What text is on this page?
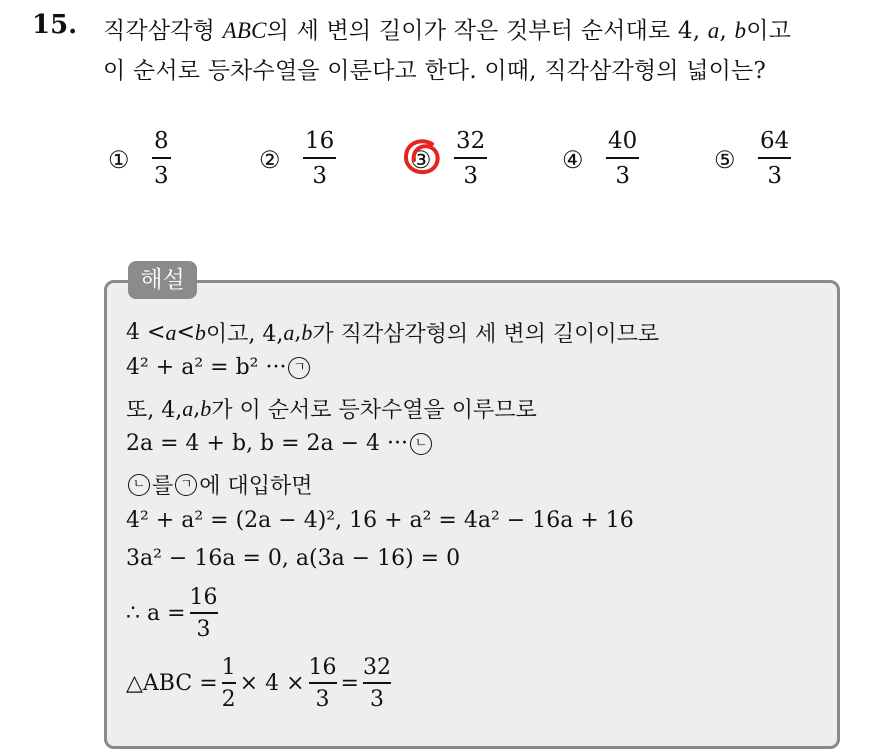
15. 직각삼각형 ABC의 세 변의 길이가 작은 것부터 순서대로 4, a, b이고
이 순서로 등차수열을 이룬다고 한다. 이때, 직각삼각형의 넓이는?
①
8
3
②
16
3
③
32
3
④
40
3
⑤
64
3
해설
4 < a < b 이고, 4, a , b 가 직각삼각형의 세 변의 길이이므로
4² + a² = b² ··· ㄱ
또, 4, a , b 가 이 순서로 등차수열을 이루므로
2a = 4 + b, b = 2a − 4 ··· ㄴ
ㄴ 를 ㄱ 에 대입하면
4² + a² = (2a − 4)², 16 + a² = 4a² − 16a + 16
3a² − 16a = 0, a(3a − 16) = 0
∴ a =
16
3
△ABC =
1
2
× 4 ×
16
3
=
32
3
